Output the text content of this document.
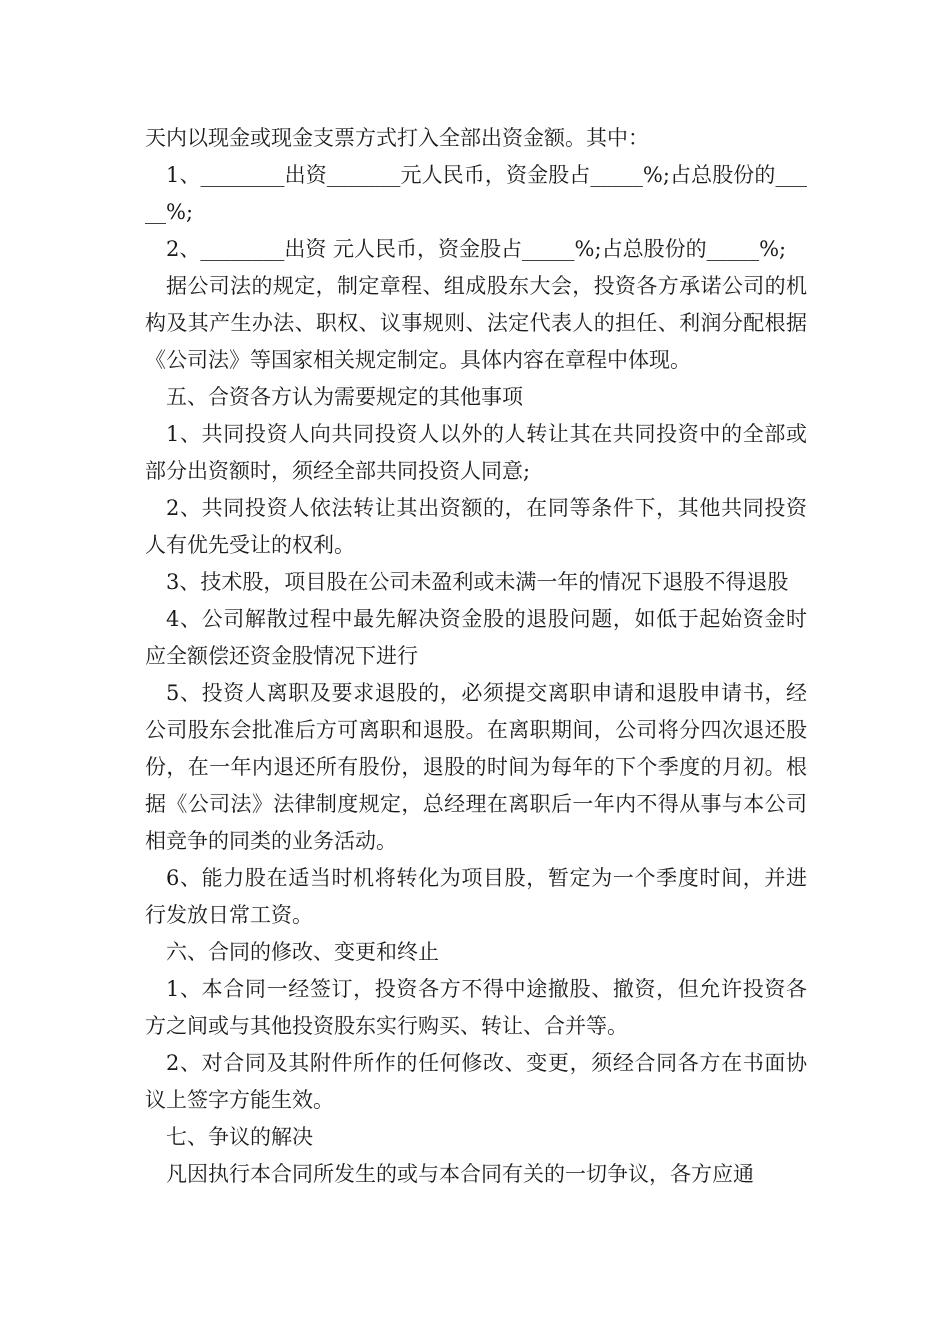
天内以现金或现金支票方式打入全部出资金额。其中：

1、________出资_______元人民币，资金股占_____%;占总股份的_____%;

2、________出资 元人民币，资金股占_____%;占总股份的_____%;

据公司法的规定，制定章程、组成股东大会，投资各方承诺公司的机构及其产生办法、职权、议事规则、法定代表人的担任、利润分配根据《公司法》等国家相关规定制定。具体内容在章程中体现。

五、合资各方认为需要规定的其他事项

1、共同投资人向共同投资人以外的人转让其在共同投资中的全部或部分出资额时，须经全部共同投资人同意;

2、共同投资人依法转让其出资额的，在同等条件下，其他共同投资人有优先受让的权利。

3、技术股，项目股在公司未盈利或未满一年的情况下退股不得退股

4、公司解散过程中最先解决资金股的退股问题，如低于起始资金时应全额偿还资金股情况下进行

5、投资人离职及要求退股的，必须提交离职申请和退股申请书，经公司股东会批准后方可离职和退股。在离职期间，公司将分四次退还股份，在一年内退还所有股份，退股的时间为每年的下个季度的月初。根据《公司法》法律制度规定，总经理在离职后一年内不得从事与本公司相竞争的同类的业务活动。

6、能力股在适当时机将转化为项目股，暂定为一个季度时间，并进行发放日常工资。

六、合同的修改、变更和终止

1、本合同一经签订，投资各方不得中途撤股、撤资，但允许投资各方之间或与其他投资股东实行购买、转让、合并等。

2、对合同及其附件所作的任何修改、变更，须经合同各方在书面协议上签字方能生效。

七、争议的解决

凡因执行本合同所发生的或与本合同有关的一切争议，各方应通
